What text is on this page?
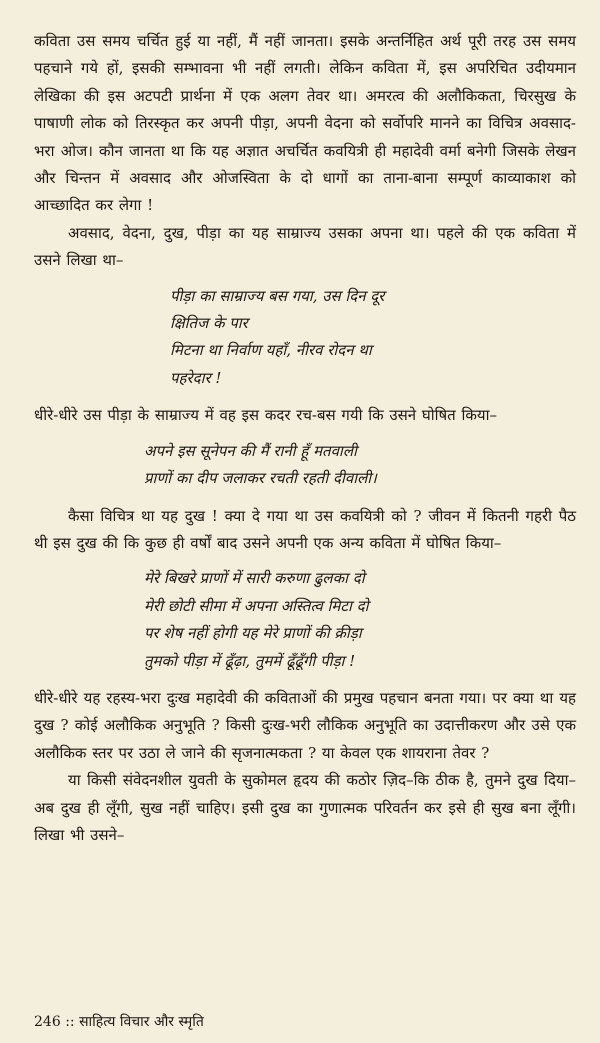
कविता उस समय चर्चित हुई या नहीं, मैं नहीं जानता। इसके अन्तर्निहित अर्थ पूरी तरह उस समय पहचाने गये हों, इसकी सम्भावना भी नहीं लगती। लेकिन कविता में, इस अपरिचित उदीयमान लेखिका की इस अटपटी प्रार्थना में एक अलग तेवर था। अमरत्व की अलौकिकता, चिरसुख के पाषाणी लोक को तिरस्कृत कर अपनी पीड़ा, अपनी वेदना को सर्वोपरि मानने का विचित्र अवसाद-भरा ओज। कौन जानता था कि यह अज्ञात अचर्चित कवयित्री ही महादेवी वर्मा बनेगी जिसके लेखन और चिन्तन में अवसाद और ओजस्विता के दो धागों का ताना-बाना सम्पूर्ण काव्याकाश को आच्छादित कर लेगा !

अवसाद, वेदना, दुख, पीड़ा का यह साम्राज्य उसका अपना था। पहले की एक कविता में उसने लिखा था–

पीड़ा का साम्राज्य बस गया, उस दिन दूर
क्षितिज के पार
मिटना था निर्वाण यहाँ, नीरव रोदन था
पहरेदार !

धीरे-धीरे उस पीड़ा के साम्राज्य में वह इस कदर रच-बस गयी कि उसने घोषित किया–

अपने इस सूनेपन की मैं रानी हूँ मतवाली
प्राणों का दीप जलाकर रचती रहती दीवाली।

कैसा विचित्र था यह दुख ! क्या दे गया था उस कवयित्री को ? जीवन में कितनी गहरी पैठ थी इस दुख की कि कुछ ही वर्षों बाद उसने अपनी एक अन्य कविता में घोषित किया–

मेरे बिखरे प्राणों में सारी करुणा ढुलका दो
मेरी छोटी सीमा में अपना अस्तित्व मिटा दो
पर शेष नहीं होगी यह मेरे प्राणों की क्रीड़ा
तुमको पीड़ा में ढूँढ़ा, तुममें ढूँढूँगी पीड़ा !

धीरे-धीरे यह रहस्य-भरा दुःख महादेवी की कविताओं की प्रमुख पहचान बनता गया। पर क्या था यह दुख ? कोई अलौकिक अनुभूति ? किसी दुःख-भरी लौकिक अनुभूति का उदात्तीकरण और उसे एक अलौकिक स्तर पर उठा ले जाने की सृजनात्मकता ? या केवल एक शायराना तेवर ?

या किसी संवेदनशील युवती के सुकोमल हृदय की कठोर ज़िद–कि ठीक है, तुमने दुख दिया–अब दुख ही लूँगी, सुख नहीं चाहिए। इसी दुख का गुणात्मक परिवर्तन कर इसे ही सुख बना लूँगी। लिखा भी उसने–

246 :: साहित्य विचार और स्मृति
